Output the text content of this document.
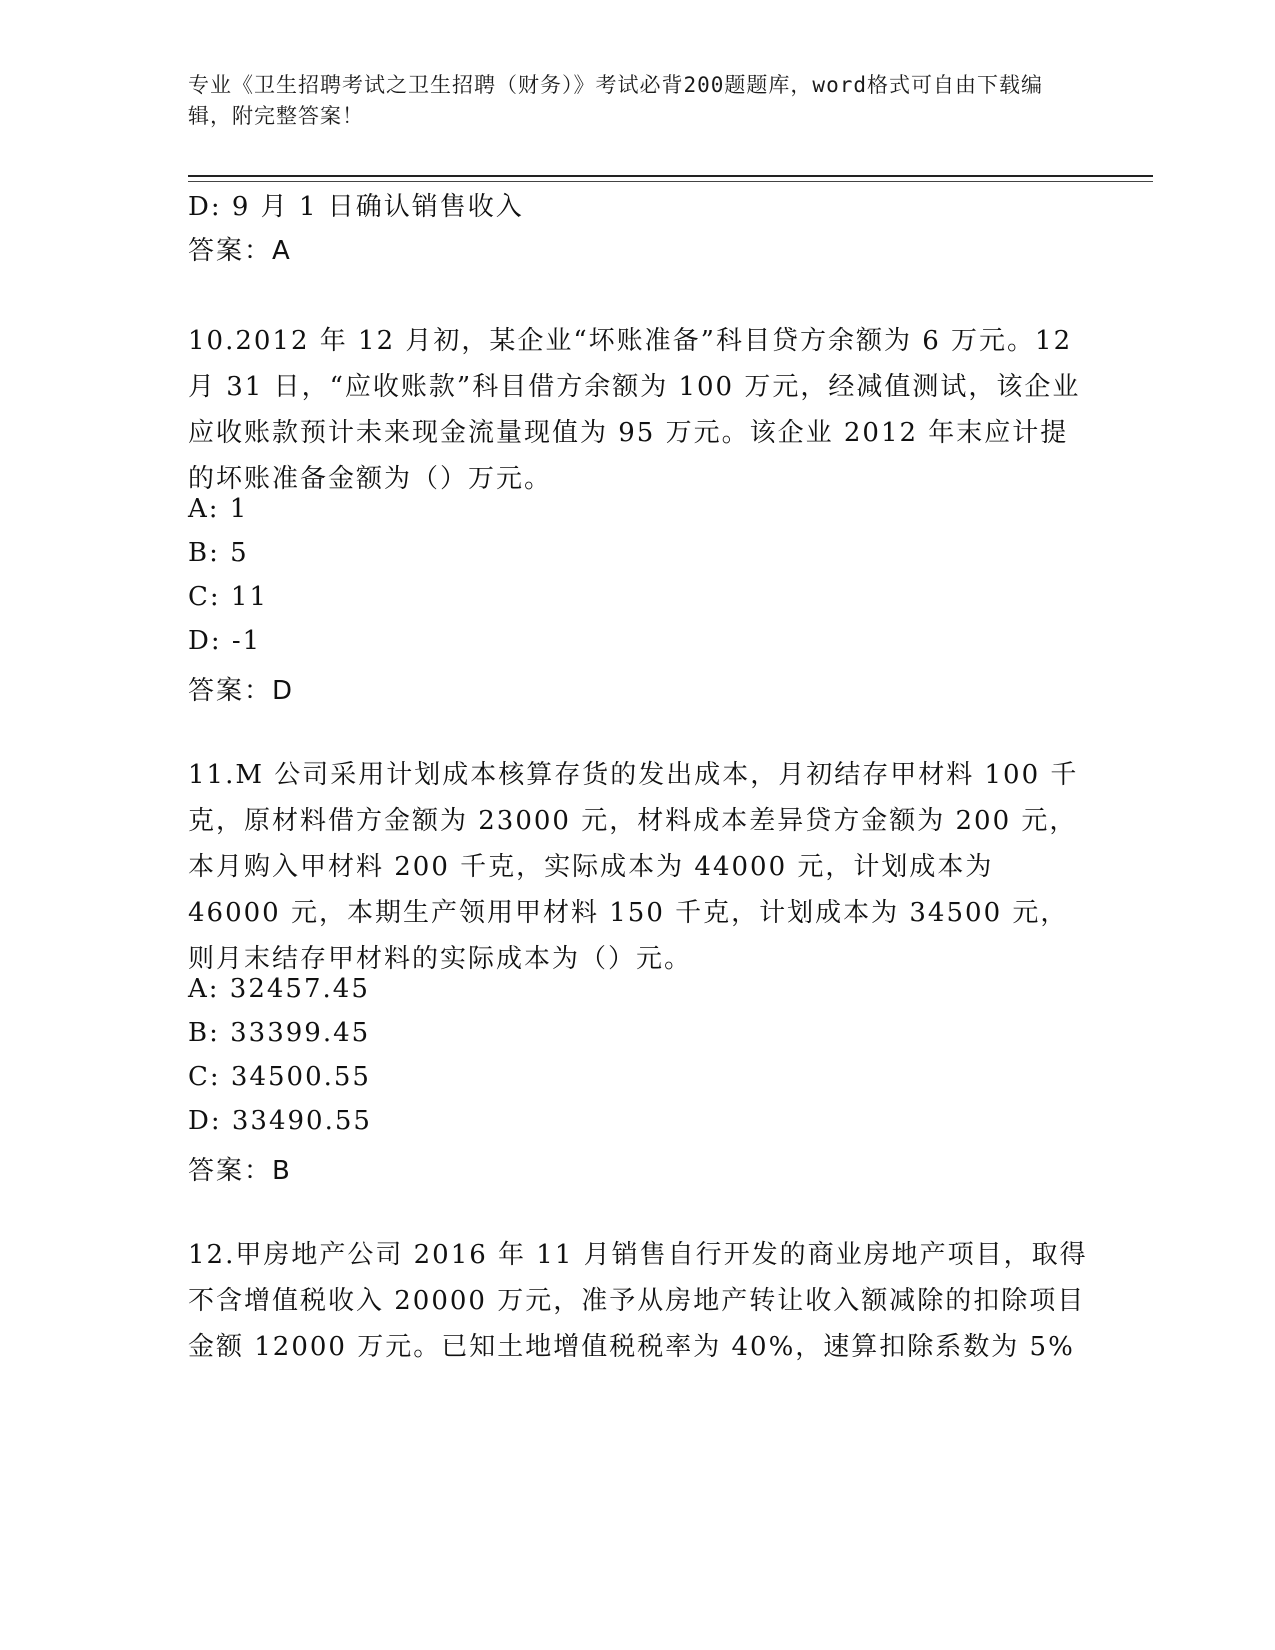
专业《卫生招聘考试之卫生招聘（财务）》考试必背200题题库，word格式可自由下载编辑，附完整答案！
D: 9 月 1 日确认销售收入
答案：A
10.2012 年 12 月初，某企业“坏账准备”科目贷方余额为 6 万元。12 月 31 日，“应收账款”科目借方余额为 100 万元，经减值测试，该企业应收账款预计未来现金流量现值为 95 万元。该企业 2012 年末应计提的坏账准备金额为（）万元。
A: 1
B: 5
C: 11
D: -1
答案：D
11.M 公司采用计划成本核算存货的发出成本，月初结存甲材料 100 千克，原材料借方金额为 23000 元，材料成本差异贷方金额为 200 元，本月购入甲材料 200 千克，实际成本为 44000 元，计划成本为 46000 元，本期生产领用甲材料 150 千克，计划成本为 34500 元，则月末结存甲材料的实际成本为（）元。
A: 32457.45
B: 33399.45
C: 34500.55
D: 33490.55
答案：B
12.甲房地产公司 2016 年 11 月销售自行开发的商业房地产项目，取得不含增值税收入 20000 万元，准予从房地产转让收入额减除的扣除项目金额 12000 万元。已知土地增值税税率为 40%，速算扣除系数为 5%
